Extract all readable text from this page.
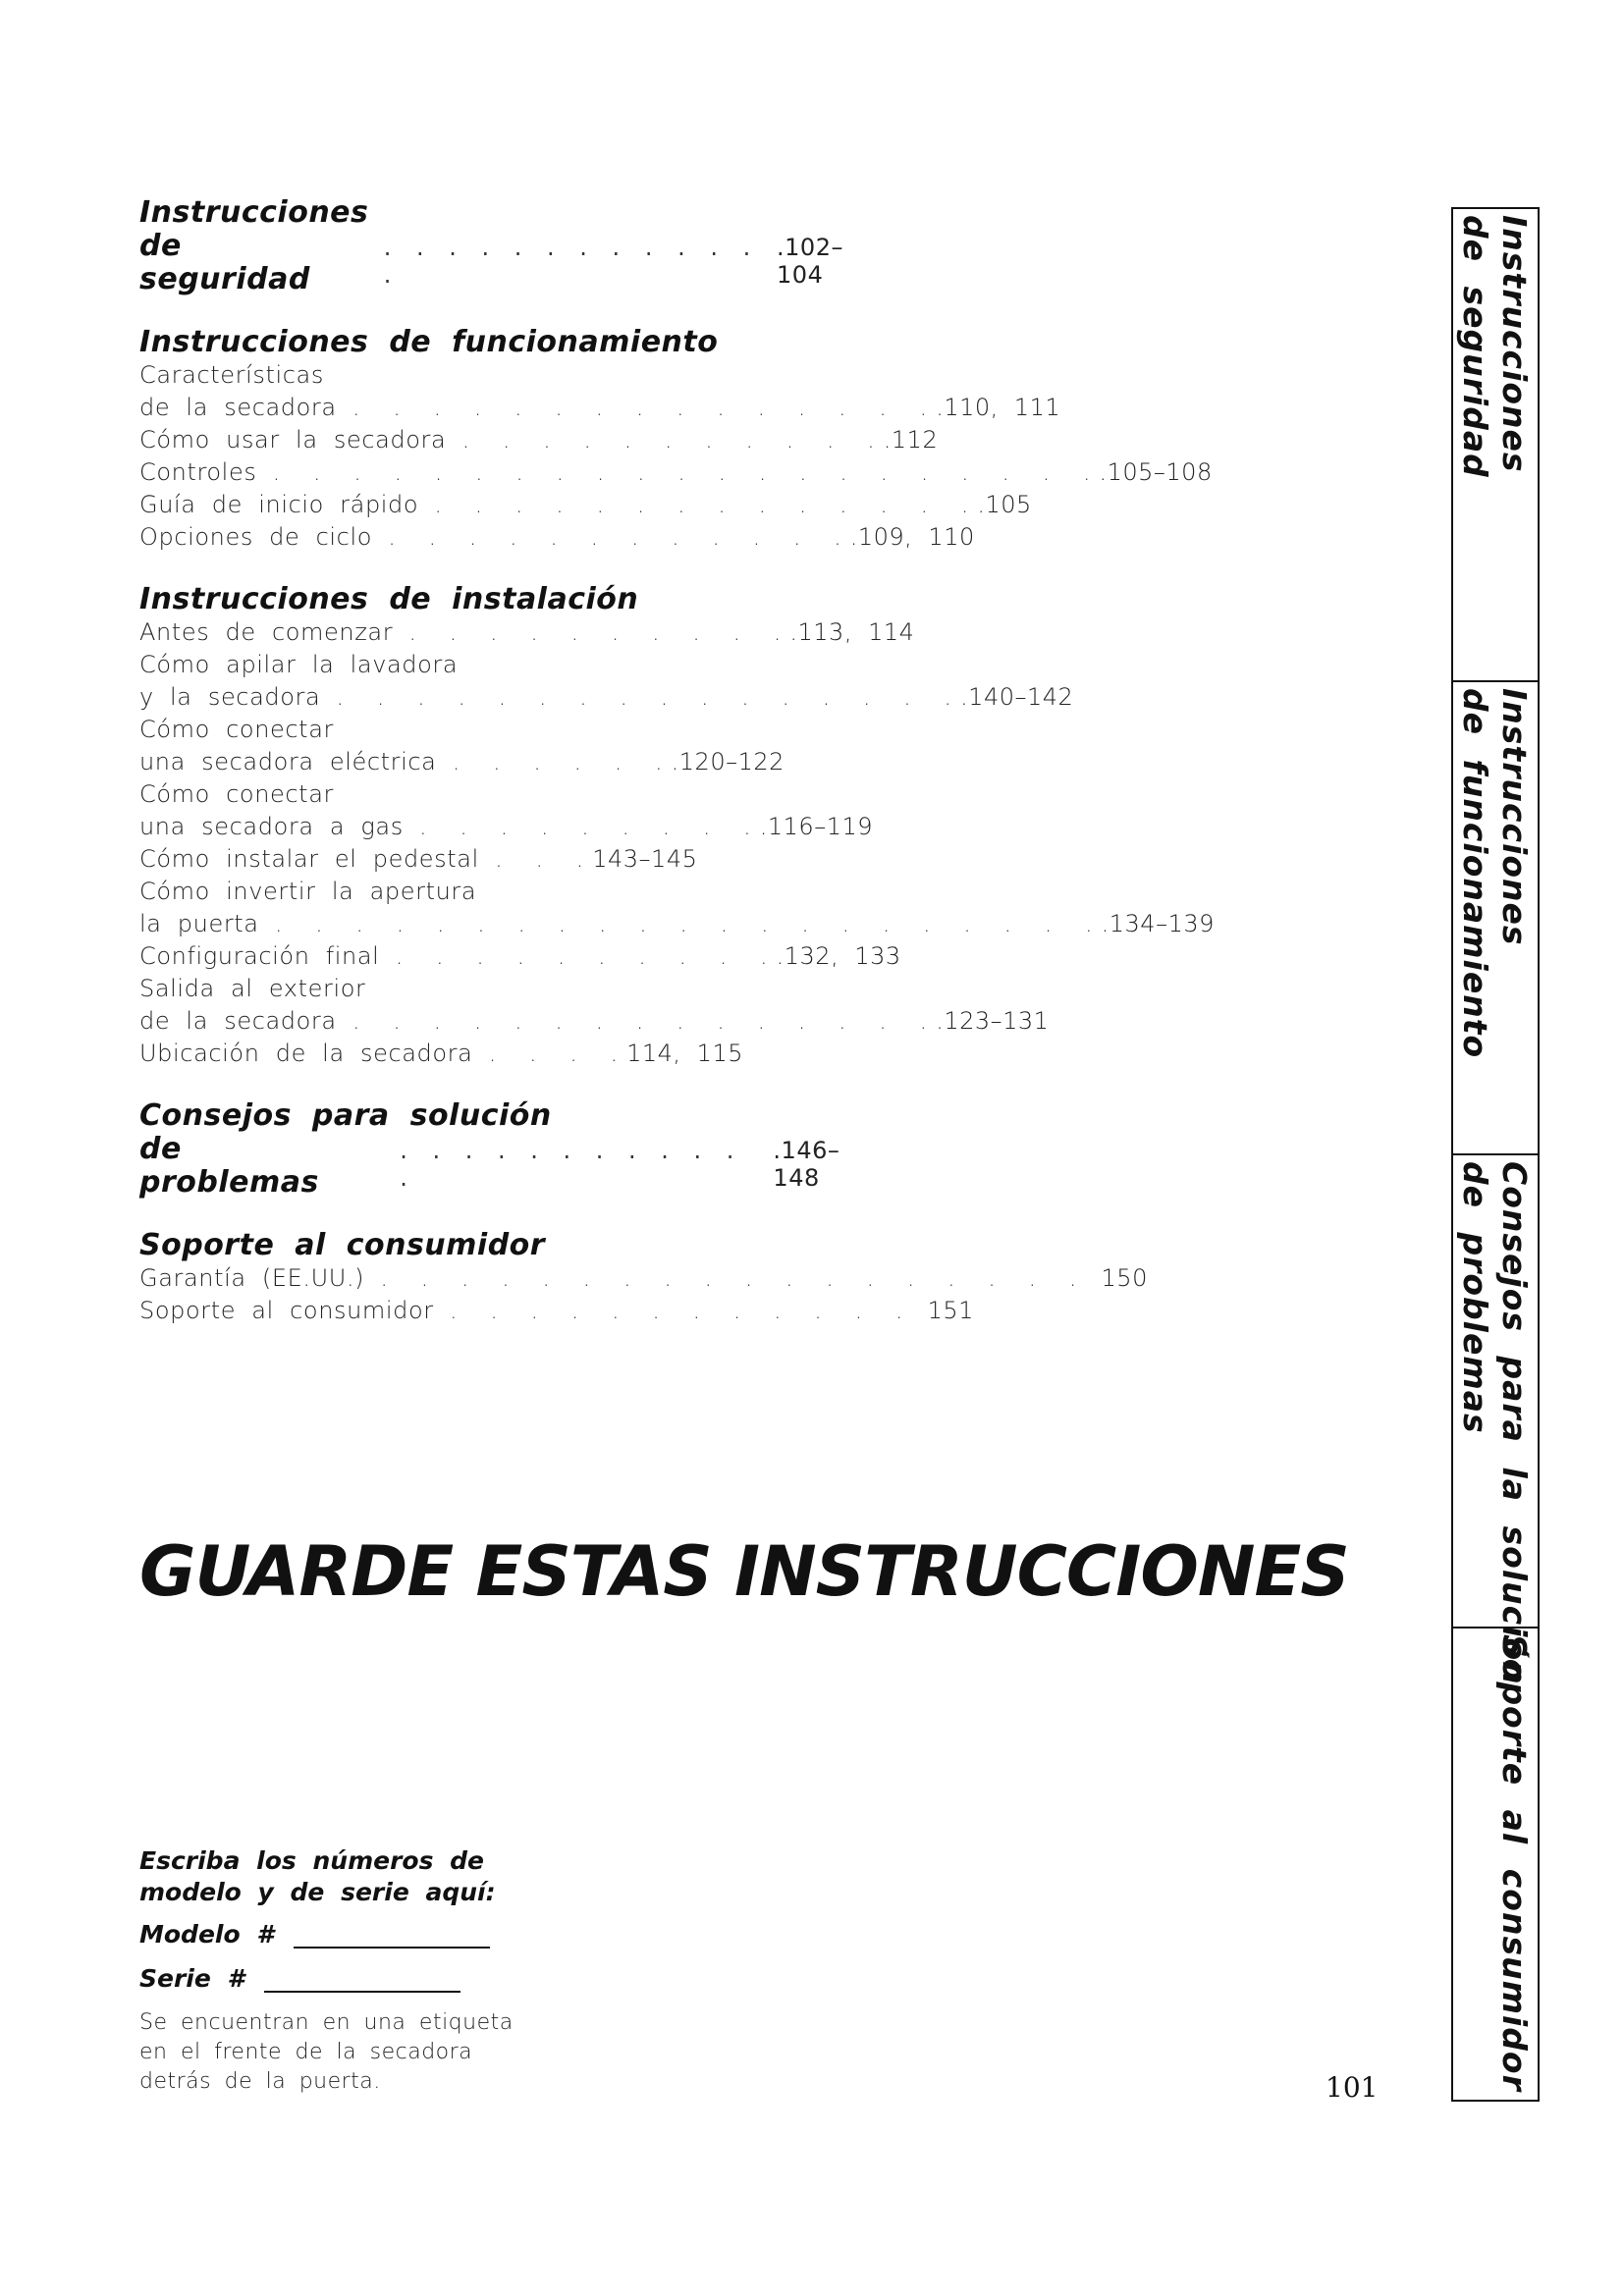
Instrucciones

de seguridad
. . . . . . . . . . . . .
.102–104

Instrucciones de funcionamiento

Características
de la secadora . . . . . . . . . . . . . . ..110, 111
Cómo usar la secadora . . . . . . . . . . ..112
Controles . . . . . . . . . . . . . . . . . . . . ..105–108
Guía de inicio rápido . . . . . . . . . . . . . ..105
Opciones de ciclo . . . . . . . . . . . ..109, 110

Instrucciones de instalación

Antes de comenzar . . . . . . . . . ..113, 114
Cómo apilar la lavadora
y la secadora . . . . . . . . . . . . . . . ..140–142
Cómo conectar
una secadora eléctrica . . . . . ..120–122
Cómo conectar
una secadora a gas . . . . . . . . ..116–119
Cómo instalar el pedestal . . .143–145
Cómo invertir la apertura
la puerta . . . . . . . . . . . . . . . . . . . . ..134–139
Configuración final . . . . . . . . . ..132, 133
Salida al exterior
de la secadora . . . . . . . . . . . . . . ..123–131
Ubicación de la secadora . . . .114, 115

Consejos para solución

de problemas
. . . . . . . . . . . .
.146–148

Soporte al consumidor

Garantía (EE.UU.) . . . . . . . . . . . . . . . . . . 150
Soporte al consumidor . . . . . . . . . . . . 151
GUARDE ESTAS INSTRUCCIONES

Escriba los números de
modelo y de serie aquí:

Modelo #
Serie #
Se encuentran en una etiqueta
en el frente de la secadora
detrás de la puerta.	101
Instrucciones
de seguridad
Instrucciones
de funcionamiento
Consejos para la solución
de problemas
Soporte al consumidor
